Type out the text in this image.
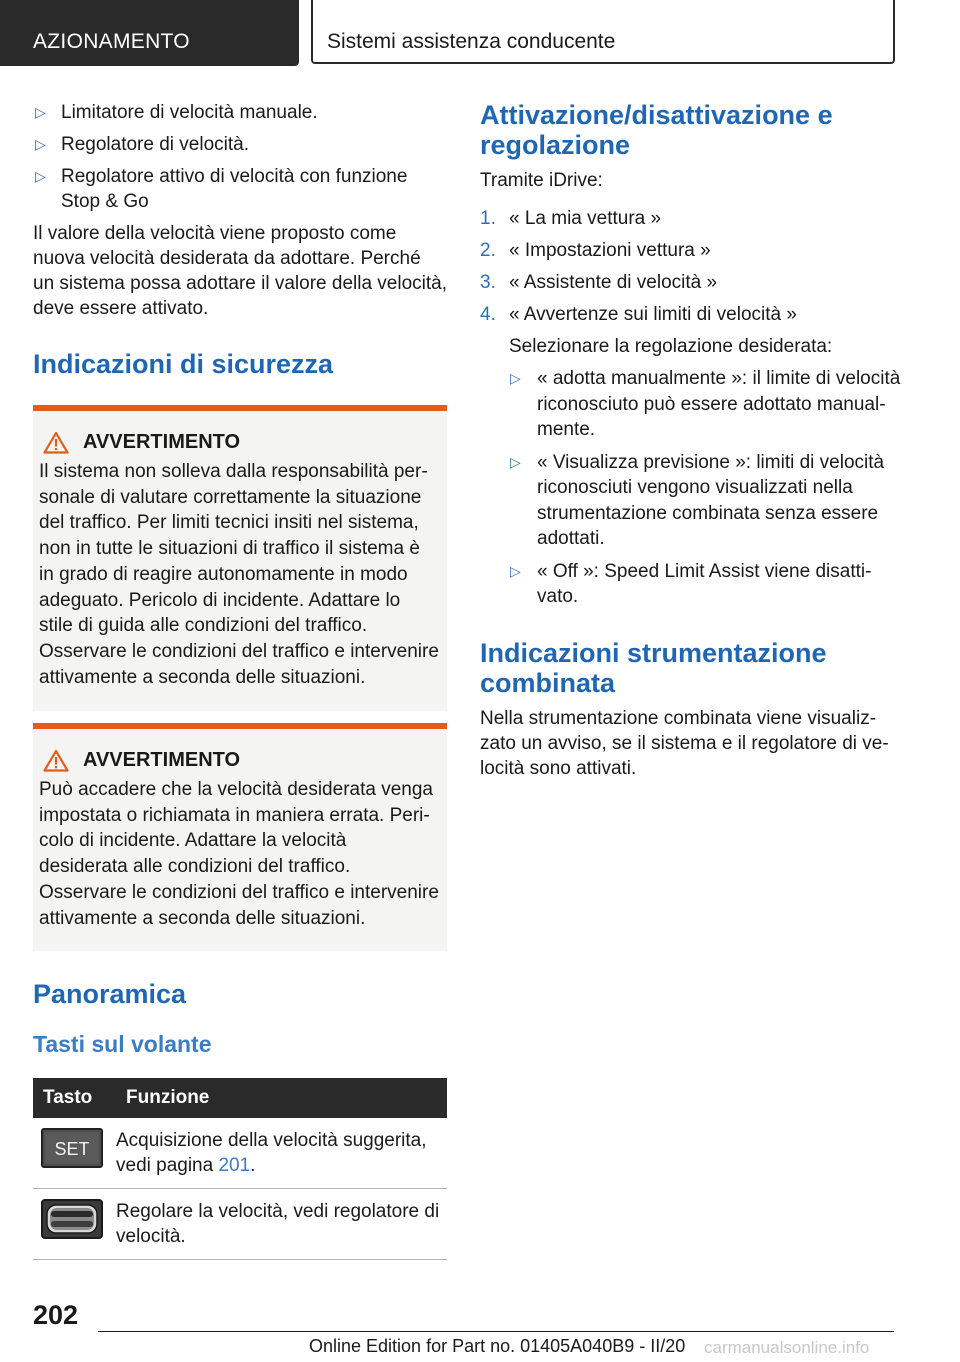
AZIONAMENTO	Sistemi assistenza conducente
▷ Limitatore di velocità manuale.
▷ Regolatore di velocità.
▷ Regolatore attivo di velocità con funzione Stop & Go

Il valore della velocità viene proposto come nuova velocità desiderata da adottare. Perché un sistema possa adottare il valore della velocità, deve essere attivato.

Indicazioni di sicurezza
AVVERTIMENTO

Il sistema non solleva dalla responsabilità personale di valutare correttamente la situazione del traffico. Per limiti tecnici insiti nel sistema, non in tutte le situazioni di traffico il sistema è in grado di reagire autonomamente in modo adeguato. Pericolo di incidente. Adattare lo stile di guida alle condizioni del traffico. Osservare le condizioni del traffico e intervenire attivamente a seconda delle situazioni.

AVVERTIMENTO

Può accadere che la velocità desiderata venga impostata o richiamata in maniera errata. Pericolo di incidente. Adattare la velocità desiderata alle condizioni del traffico. Osservare le condizioni del traffico e intervenire attivamente a seconda delle situazioni.

Panoramica
Tasti sul volante
Tasto	Funzione

SET	Acquisizione della velocità suggerita, vedi pagina 201.
	Regolare la velocità, vedi regolatore di velocità.
Attivazione/disattivazione e regolazione

Tramite iDrive:

1. « La mia vettura »
2. « Impostazioni vettura »
3. « Assistente di velocità »
4. « Avvertenze sui limiti di velocità »

Selezionare la regolazione desiderata:

▷ « adotta manualmente »: il limite di velocità riconosciuto può essere adottato manualmente.
▷ « Visualizza previsione »: limiti di velocità riconosciuti vengono visualizzati nella strumentazione combinata senza essere adottati.
▷ « Off »: Speed Limit Assist viene disattivato.
Indicazioni strumentazione combinata

Nella strumentazione combinata viene visualizzato un avviso, se il sistema e il regolatore di velocità sono attivati.

202
Online Edition for Part no. 01405A040B9 - II/20 carmanualsonline.info
